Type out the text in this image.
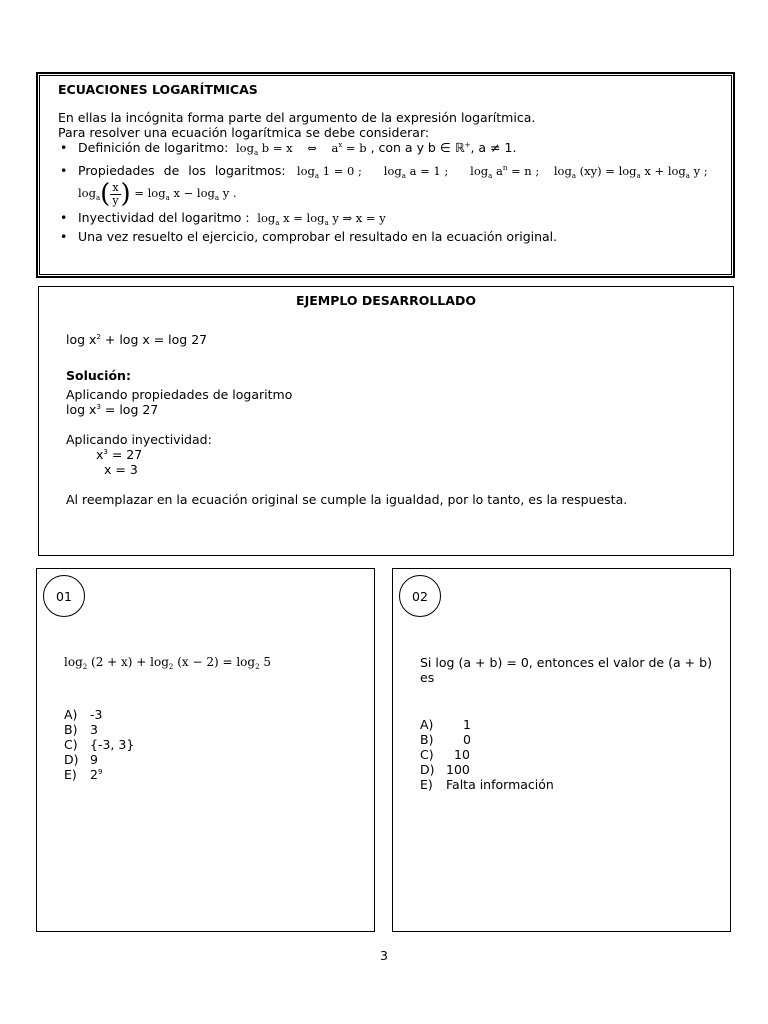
ECUACIONES LOGARÍTMICAS
En ellas la incógnita forma parte del argumento de la expresión logarítmica.
Para resolver una ecuación logarítmica se debe considerar:
• Definición de logaritmo:  $\log_a b = x$    ⇔    $a^x = b$ , con a y b ∈ ℝ+, a ≠ 1.
• Propiedades de los logaritmos:   $\log_a 1 = 0$ ;      $\log_a a = 1$ ;      $\log_a a^n = n$ ;    $\log_a (xy) = \log_a x + \log_a y$ ;
$\log_a( \frac{x}{y}$ ) = $\log_a x - \log_a y$ .
• Inyectividad del logaritmo :  $\log_a x = \log_a y$ ⇒ x = y
• Una vez resuelto el ejercicio, comprobar el resultado en la ecuación original.
EJEMPLO DESARROLLADO
$\log x^2 + \log x = \log 27$
Solución:
Aplicando propiedades de logaritmo
$\log x^3 = \log 27$
Aplicando inyectividad:
$x^3 = 27$
x = 3
Al reemplazar en la ecuación original se cumple la igualdad, por lo tanto, es la respuesta.
01
$\log_2 (2 + x) + \log_2 (x - 2) = \log_2 5$
A)	-3
B)	3
C) {-3, 3}
D) 9
E)	$2^9$
02
Si log (a + b) = 0, entonces el valor de (a + b) es
A)	1
B)	0
C)	10
D) 100
E)	Falta información
3
